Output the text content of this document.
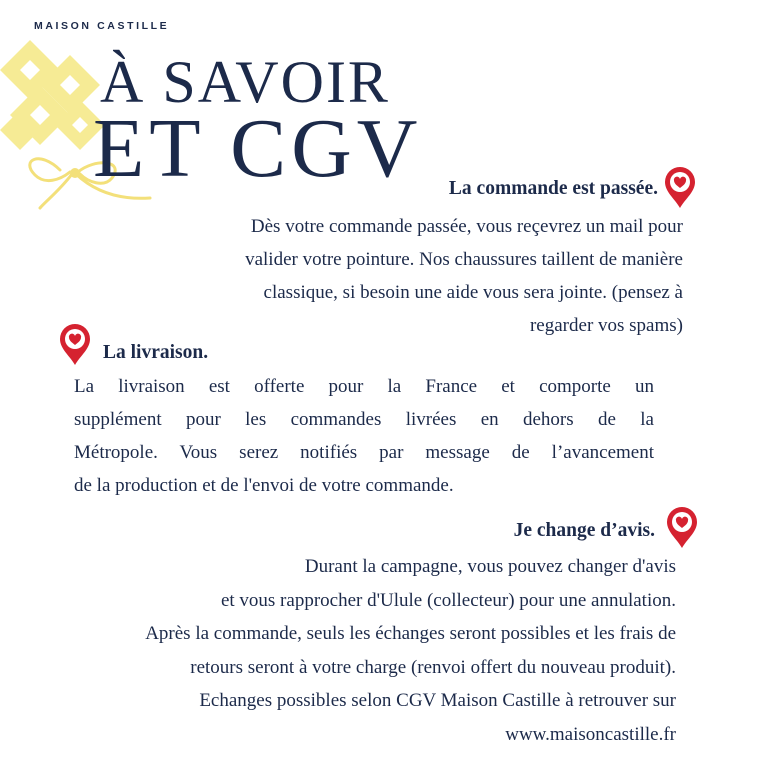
MAISON CASTILLE
À SAVOIR
ET CGV La commande est passée.
Dès votre commande passée, vous reçevrez un mail pour
valider votre pointure. Nos chaussures taillent de manière
classique, si besoin une aide vous sera jointe. (pensez à
regarder vos spams)
La livraison.
La livraison est offerte pour la France et comporte un
supplément pour les commandes livrées en dehors de la
Métropole. Vous serez notifiés par message de l’avancement
de la production et de l'envoi de votre commande.
Je change d’avis.
Durant la campagne, vous pouvez changer d'avis
et vous rapprocher d'Ulule (collecteur) pour une annulation.
Après la commande, seuls les échanges seront possibles et les frais de
retours seront à votre charge (renvoi offert du nouveau produit).
Echanges possibles selon CGV Maison Castille à retrouver sur
www.maisoncastille.fr
